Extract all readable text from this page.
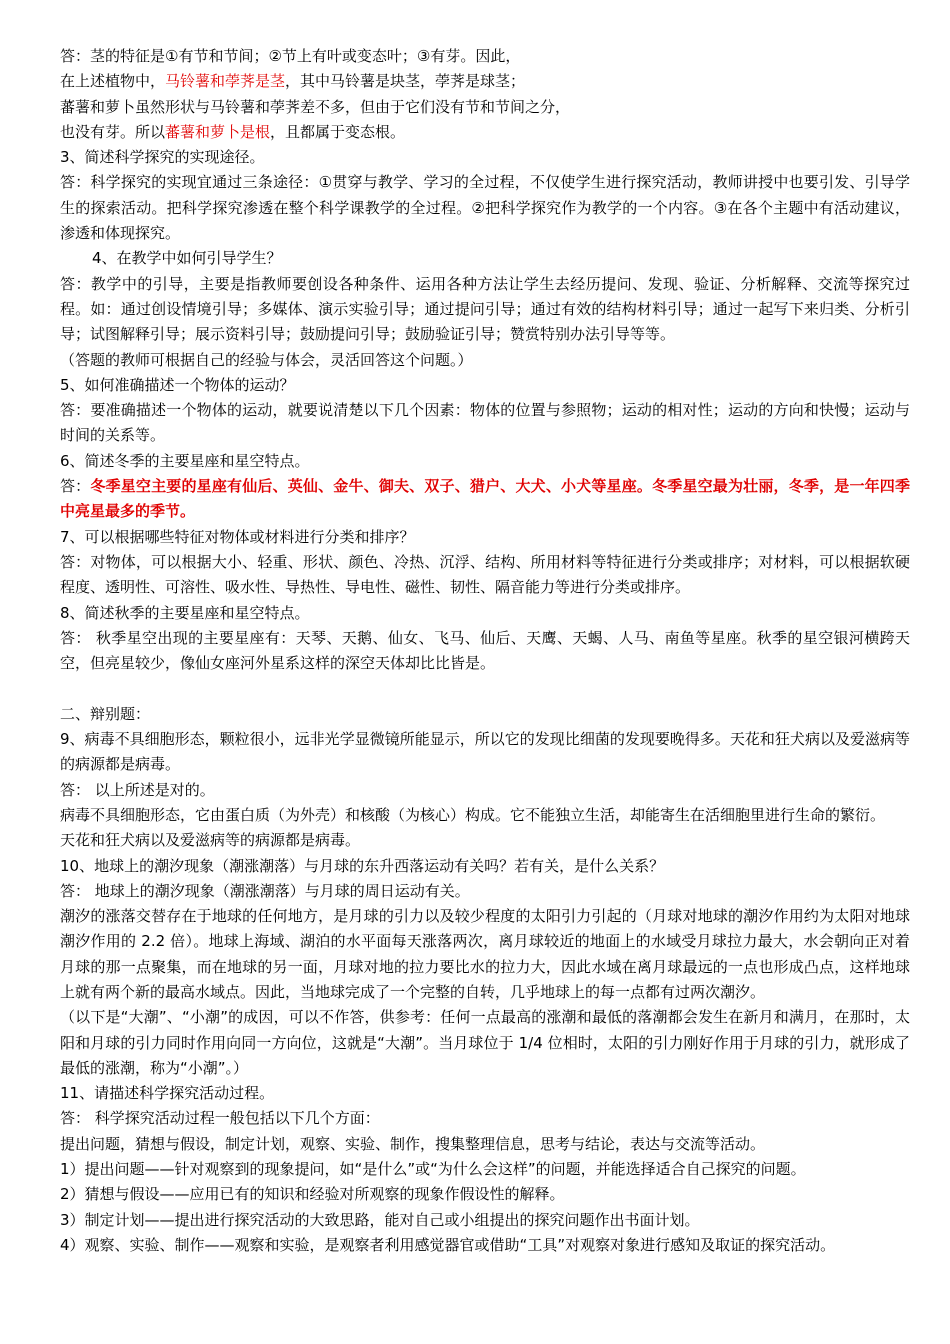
答：茎的特征是①有节和节间；②节上有叶或变态叶；③有芽。因此，

在上述植物中，马铃薯和荸荠是茎，其中马铃薯是块茎，荸荠是球茎；

蕃薯和萝卜虽然形状与马铃薯和荸荠差不多，但由于它们没有节和节间之分，

也没有芽。所以蕃薯和萝卜是根，且都属于变态根。

3、简述科学探究的实现途径。

答：科学探究的实现宜通过三条途径：①贯穿与教学、学习的全过程，不仅使学生进行探究活动，教师讲授中也要引发、引导学生的探索活动。把科学探究渗透在整个科学课教学的全过程。②把科学探究作为教学的一个内容。③在各个主题中有活动建议，渗透和体现探究。

4、在教学中如何引导学生？

答：教学中的引导，主要是指教师要创设各种条件、运用各种方法让学生去经历提问、发现、验证、分析解释、交流等探究过程。如：通过创设情境引导；多媒体、演示实验引导；通过提问引导；通过有效的结构材料引导；通过一起写下来归类、分析引导；试图解释引导；展示资料引导；鼓励提问引导；鼓励验证引导；赞赏特别办法引导等等。

（答题的教师可根据自己的经验与体会，灵活回答这个问题。）

5、如何准确描述一个物体的运动？

答：要准确描述一个物体的运动，就要说清楚以下几个因素：物体的位置与参照物；运动的相对性；运动的方向和快慢；运动与时间的关系等。

6、简述冬季的主要星座和星空特点。

答：冬季星空主要的星座有仙后、英仙、金牛、御夫、双子、猎户、大犬、小犬等星座。冬季星空最为壮丽，冬季，是一年四季中亮星最多的季节。

7、可以根据哪些特征对物体或材料进行分类和排序？

答：对物体，可以根据大小、轻重、形状、颜色、冷热、沉浮、结构、所用材料等特征进行分类或排序；对材料，可以根据软硬程度、透明性、可溶性、吸水性、导热性、导电性、磁性、韧性、隔音能力等进行分类或排序。

8、简述秋季的主要星座和星空特点。

答： 秋季星空出现的主要星座有：天琴、天鹅、仙女、飞马、仙后、天鹰、天蝎、人马、南鱼等星座。秋季的星空银河横跨天空，但亮星较少，像仙女座河外星系这样的深空天体却比比皆是。

二、辩别题：

9、病毒不具细胞形态，颗粒很小，远非光学显微镜所能显示，所以它的发现比细菌的发现要晚得多。天花和狂犬病以及爱滋病等的病源都是病毒。

答： 以上所述是对的。

病毒不具细胞形态，它由蛋白质（为外壳）和核酸（为核心）构成。它不能独立生活，却能寄生在活细胞里进行生命的繁衍。

天花和狂犬病以及爱滋病等的病源都是病毒。

10、地球上的潮汐现象（潮涨潮落）与月球的东升西落运动有关吗？若有关，是什么关系？

答： 地球上的潮汐现象（潮涨潮落）与月球的周日运动有关。

潮汐的涨落交替存在于地球的任何地方，是月球的引力以及较少程度的太阳引力引起的（月球对地球的潮汐作用约为太阳对地球潮汐作用的 2.2 倍）。地球上海域、湖泊的水平面每天涨落两次，离月球较近的地面上的水域受月球拉力最大，水会朝向正对着月球的那一点聚集，而在地球的另一面，月球对地的拉力要比水的拉力大，因此水域在离月球最远的一点也形成凸点，这样地球上就有两个新的最高水域点。因此，当地球完成了一个完整的自转，几乎地球上的每一点都有过两次潮汐。

（以下是“大潮”、“小潮”的成因，可以不作答，供参考：任何一点最高的涨潮和最低的落潮都会发生在新月和满月，在那时，太阳和月球的引力同时作用向同一方向位，这就是“大潮”。当月球位于 1/4 位相时，太阳的引力刚好作用于月球的引力，就形成了最低的涨潮，称为“小潮”。）

11、请描述科学探究活动过程。

答： 科学探究活动过程一般包括以下几个方面：

提出问题，猜想与假设，制定计划，观察、实验、制作，搜集整理信息，思考与结论，表达与交流等活动。

1）提出问题——针对观察到的现象提问，如“是什么”或“为什么会这样”的问题，并能选择适合自己探究的问题。

2）猜想与假设——应用已有的知识和经验对所观察的现象作假设性的解释。

3）制定计划——提出进行探究活动的大致思路，能对自己或小组提出的探究问题作出书面计划。

4）观察、实验、制作——观察和实验，是观察者利用感觉器官或借助“工具”对观察对象进行感知及取证的探究活动。
